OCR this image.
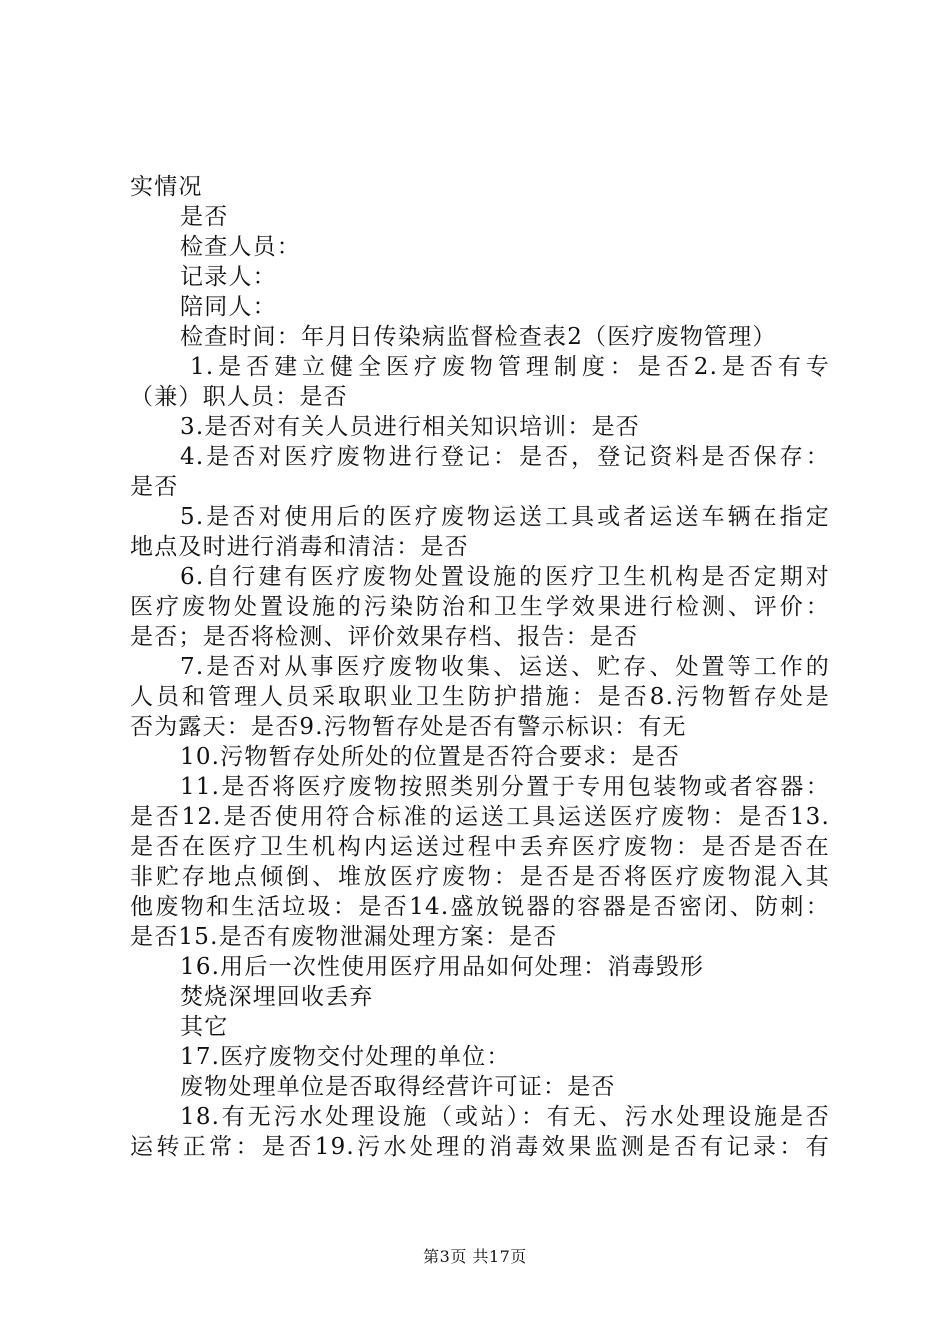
实情况
是否
检查人员：
记录人：
陪同人：
检查时间：年月日传染病监督检查表2（医疗废物管理）
1.是否建立健全医疗废物管理制度：是否2.是否有专
（兼）职人员：是否
3.是否对有关人员进行相关知识培训：是否
4.是否对医疗废物进行登记：是否，登记资料是否保存：
是否
5.是否对使用后的医疗废物运送工具或者运送车辆在指定
地点及时进行消毒和清洁：是否
6.自行建有医疗废物处置设施的医疗卫生机构是否定期对
医疗废物处置设施的污染防治和卫生学效果进行检测、评价：
是否；是否将检测、评价效果存档、报告：是否
7.是否对从事医疗废物收集、运送、贮存、处置等工作的
人员和管理人员采取职业卫生防护措施：是否8.污物暂存处是
否为露天：是否9.污物暂存处是否有警示标识：有无
10.污物暂存处所处的位置是否符合要求：是否
11.是否将医疗废物按照类别分置于专用包装物或者容器：
是否12.是否使用符合标准的运送工具运送医疗废物：是否13.
是否在医疗卫生机构内运送过程中丢弃医疗废物：是否是否在
非贮存地点倾倒、堆放医疗废物：是否是否将医疗废物混入其
他废物和生活垃圾：是否14.盛放锐器的容器是否密闭、防刺：
是否15.是否有废物泄漏处理方案：是否
16.用后一次性使用医疗用品如何处理：消毒毁形
焚烧深埋回收丢弃
其它
17.医疗废物交付处理的单位：
废物处理单位是否取得经营许可证：是否
18.有无污水处理设施（或站）：有无、污水处理设施是否
运转正常：是否19.污水处理的消毒效果监测是否有记录：有
第3页 共17页
